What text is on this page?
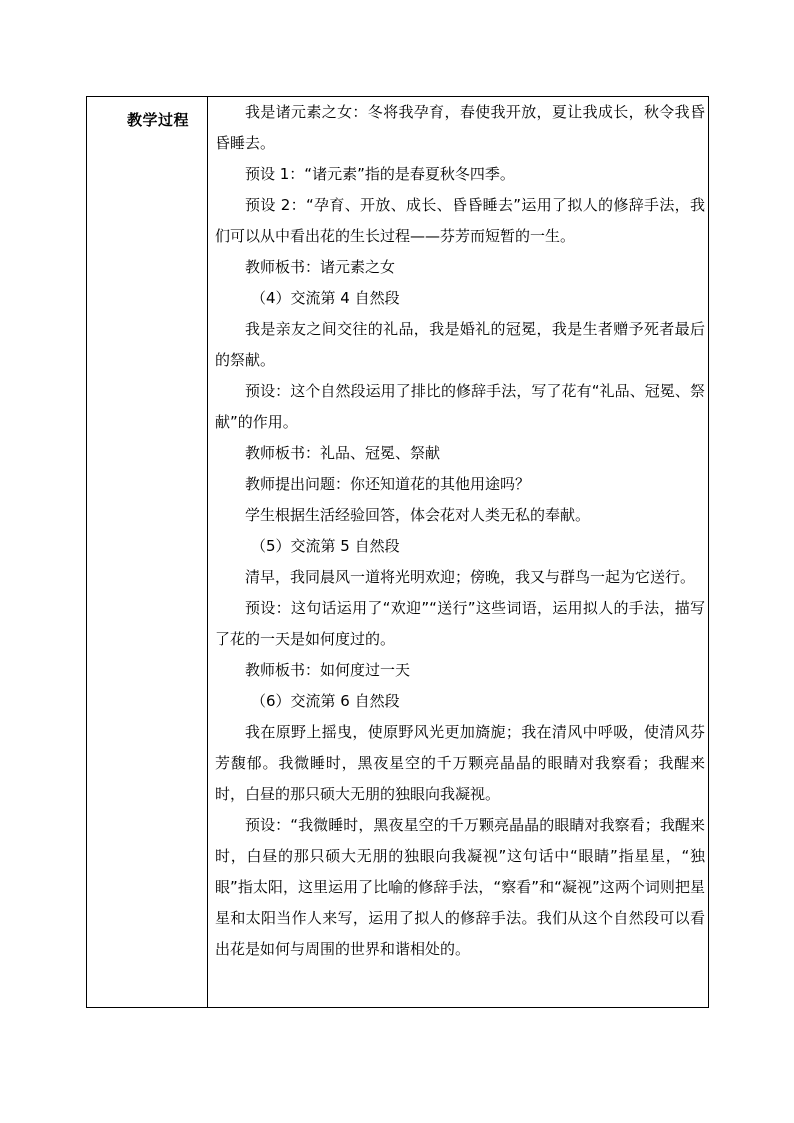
教学过程	我是诸元素之女：冬将我孕育，春使我开放，夏让我成长，秋令我昏昏睡去。

预设 1：“诸元素”指的是春夏秋冬四季。

预设 2：“孕育、开放、成长、昏昏睡去”运用了拟人的修辞手法，我们可以从中看出花的生长过程——芬芳而短暂的一生。

教师板书：诸元素之女

（4）交流第 4 自然段

我是亲友之间交往的礼品，我是婚礼的冠冕，我是生者赠予死者最后的祭献。

预设：这个自然段运用了排比的修辞手法，写了花有“礼品、冠冕、祭献”的作用。

教师板书：礼品、冠冕、祭献

教师提出问题：你还知道花的其他用途吗？

学生根据生活经验回答，体会花对人类无私的奉献。

（5）交流第 5 自然段

清早，我同晨风一道将光明欢迎；傍晚，我又与群鸟一起为它送行。

预设：这句话运用了“欢迎”“送行”这些词语，运用拟人的手法，描写了花的一天是如何度过的。

教师板书：如何度过一天

（6）交流第 6 自然段

我在原野上摇曳，使原野风光更加旖旎；我在清风中呼吸，使清风芬芳馥郁。我微睡时，黑夜星空的千万颗亮晶晶的眼睛对我察看；我醒来时，白昼的那只硕大无朋的独眼向我凝视。

预设：“我微睡时，黑夜星空的千万颗亮晶晶的眼睛对我察看；我醒来时，白昼的那只硕大无朋的独眼向我凝视”这句话中“眼睛”指星星，“独眼”指太阳，这里运用了比喻的修辞手法，“察看”和“凝视”这两个词则把星星和太阳当作人来写，运用了拟人的修辞手法。我们从这个自然段可以看出花是如何与周围的世界和谐相处的。
